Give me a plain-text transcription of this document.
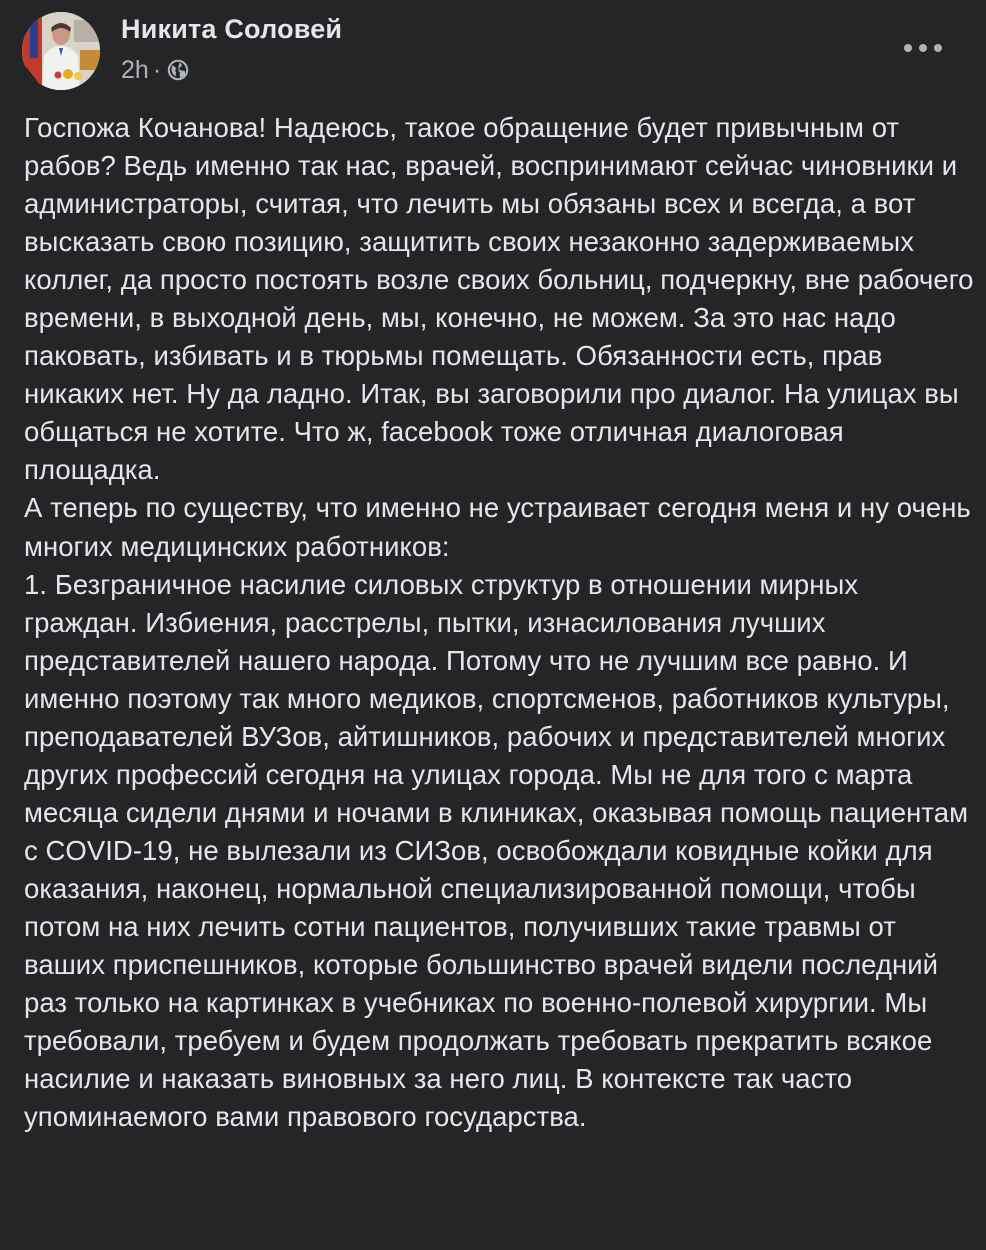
Никита Соловей
2h ·

Госпожа Кочанова! Надеюсь, такое обращение будет привычным от рабов? Ведь именно так нас, врачей, воспринимают сейчас чиновники и администраторы, считая, что лечить мы обязаны всех и всегда, а вот высказать свою позицию, защитить своих незаконно задерживаемых коллег, да просто постоять возле своих больниц, подчеркну, вне рабочего времени, в выходной день, мы, конечно, не можем. За это нас надо паковать, избивать и в тюрьмы помещать. Обязанности есть, прав никаких нет. Ну да ладно. Итак, вы заговорили про диалог. На улицах вы общаться не хотите. Что ж, facebook тоже отличная диалоговая площадка.

А теперь по существу, что именно не устраивает сегодня меня и ну очень многих медицинских работников:

1. Безграничное насилие силовых структур в отношении мирных граждан. Избиения, расстрелы, пытки, изнасилования лучших представителей нашего народа. Потому что не лучшим все равно. И именно поэтому так много медиков, спортсменов, работников культуры, преподавателей ВУЗов, айтишников, рабочих и представителей многих других профессий сегодня на улицах города. Мы не для того с марта месяца сидели днями и ночами в клиниках, оказывая помощь пациентам с COVID-19, не вылезали из СИЗов, освобождали ковидные койки для оказания, наконец, нормальной специализированной помощи, чтобы потом на них лечить сотни пациентов, получивших такие травмы от ваших приспешников, которые большинство врачей видели последний раз только на картинках в учебниках по военно-полевой хирургии. Мы требовали, требуем и будем продолжать требовать прекратить всякое насилие и наказать виновных за него лиц. В контексте так часто упоминаемого вами правового государства.
